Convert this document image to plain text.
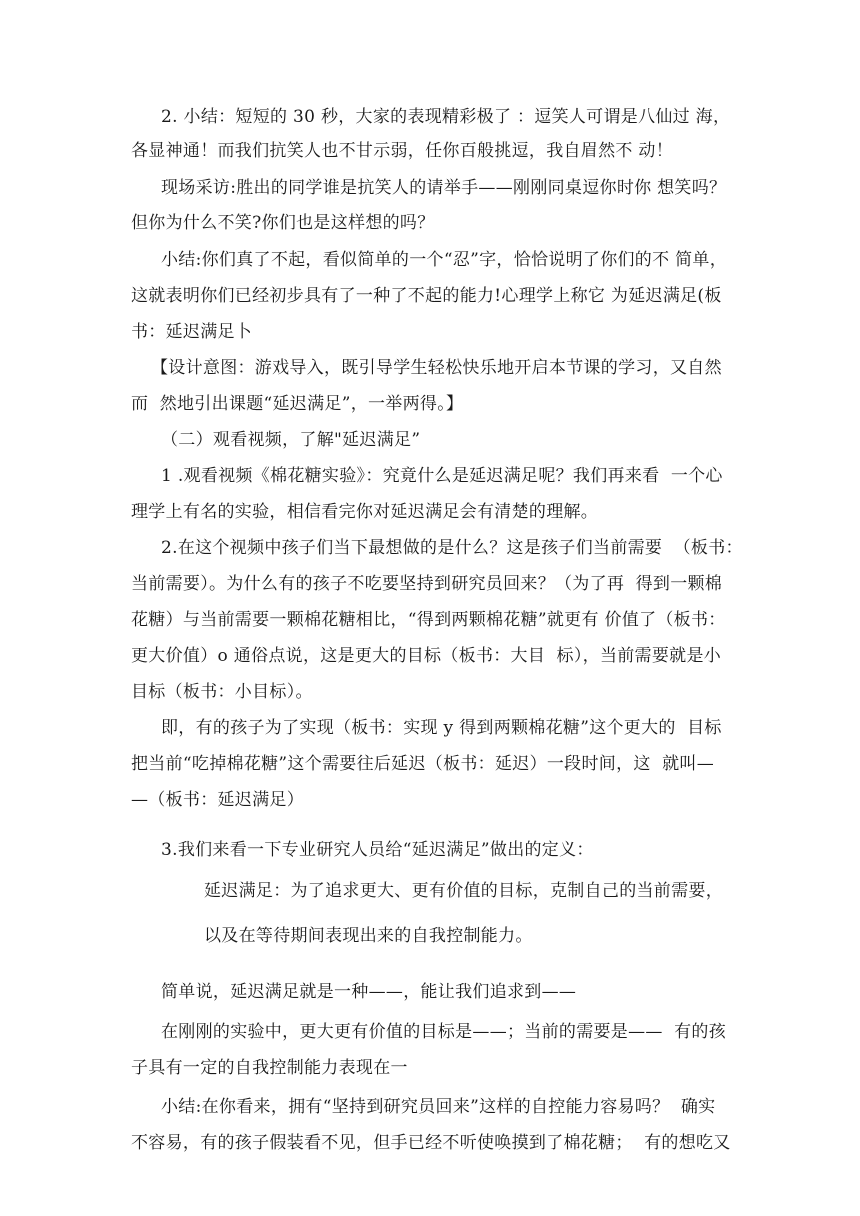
2. 小结：短短的 30 秒，大家的表现精彩极了 ：逗笑人可谓是八仙过 海，
各显神通！而我们抗笑人也不甘示弱，任你百般挑逗，我自眉然不 动！
现场采访:胜出的同学谁是抗笑人的请举手——刚刚同桌逗你时你 想笑吗？
但你为什么不笑?你们也是这样想的吗？
小结:你们真了不起，看似简单的一个“忍”字，恰恰说明了你们的不 简单，
这就表明你们已经初步具有了一种了不起的能力!心理学上称它 为延迟满足(板
书：延迟满足卜
【设计意图：游戏导入，既引导学生轻松快乐地开启本节课的学习，又自然
而  然地引出课题“延迟满足”，一举两得。】
（二）观看视频，了解"延迟满足”
1 .观看视频《棉花糖实验》：究竟什么是延迟满足呢？我们再来看  一个心
理学上有名的实验，相信看完你对延迟满足会有清楚的理解。
2.在这个视频中孩子们当下最想做的是什么？这是孩子们当前需要  （板书：
当前需要）。为什么有的孩子不吃要坚持到研究员回来？（为了再  得到一颗棉
花糖）与当前需要一颗棉花糖相比，“得到两颗棉花糖”就更有 价值了（板书：
更大价值）o 通俗点说，这是更大的目标（板书：大目  标），当前需要就是小
目标（板书：小目标）。
即，有的孩子为了实现（板书：实现 y 得到两颗棉花糖”这个更大的  目标
把当前“吃掉棉花糖”这个需要往后延迟（板书：延迟）一段时间，这  就叫—
—（板书：延迟满足）
3.我们来看一下专业研究人员给“延迟满足”做出的定义：
延迟满足：为了追求更大、更有价值的目标，克制自己的当前需要，
以及在等待期间表现出来的自我控制能力。
简单说，延迟满足就是一种——，能让我们追求到——
在刚刚的实验中，更大更有价值的目标是——；当前的需要是——  有的孩
子具有一定的自我控制能力表现在一
小结:在你看来，拥有“坚持到研究员回来”这样的自控能力容易吗？  确实
不容易，有的孩子假装看不见，但手已经不听使唤摸到了棉花糖；  有的想吃又
